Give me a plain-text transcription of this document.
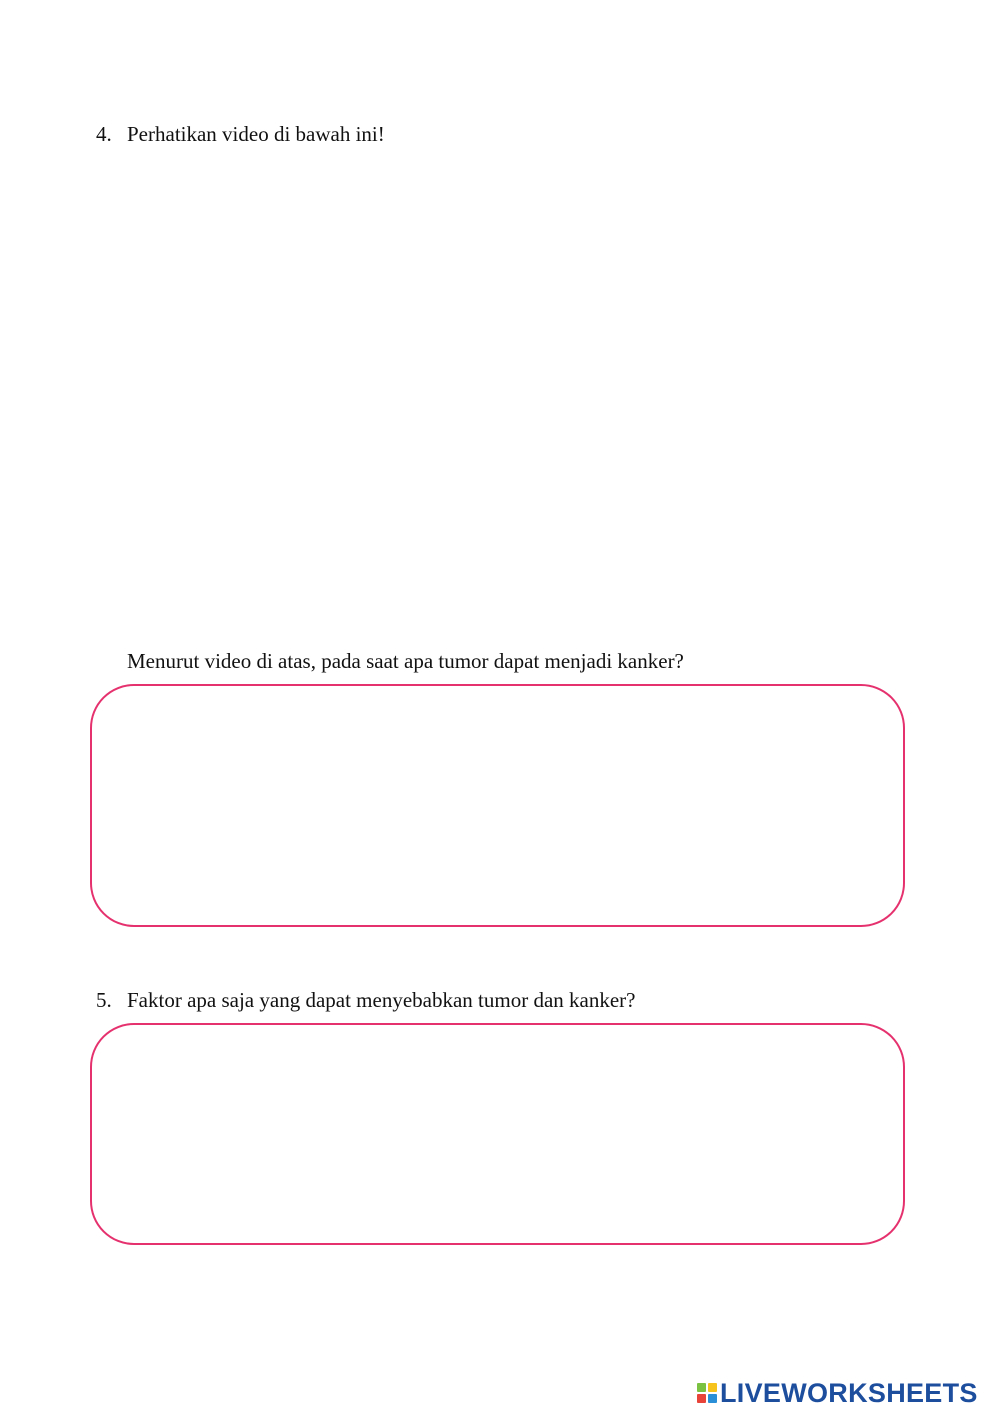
4. Perhatikan video di bawah ini!
Menurut video di atas, pada saat apa tumor dapat menjadi kanker?
5. Faktor apa saja yang dapat menyebabkan tumor dan kanker?
LIVEWORKSHEETS
